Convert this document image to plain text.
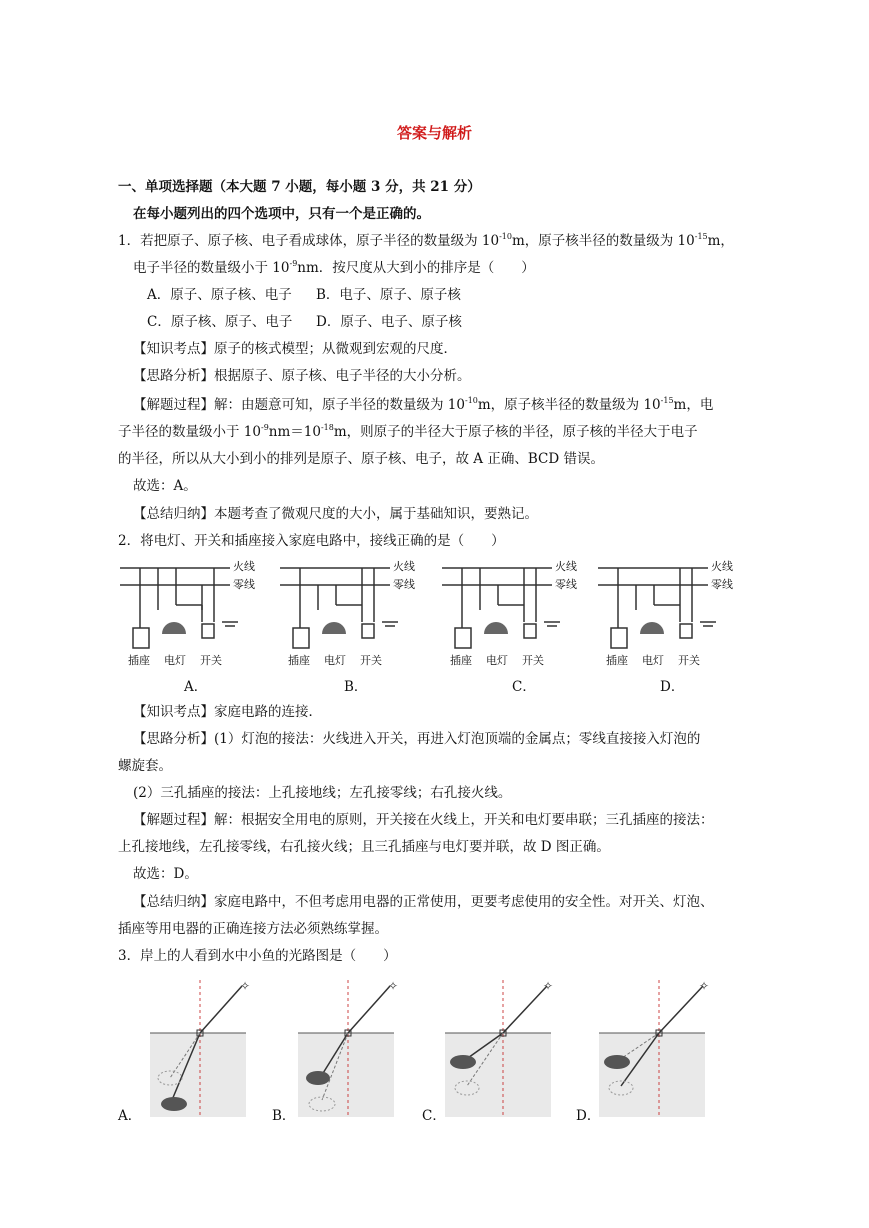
答案与解析
一、单项选择题（本大题 7 小题，每小题 3 分，共 21 分）
在每小题列出的四个选项中，只有一个是正确的。
1．若把原子、原子核、电子看成球体，原子半径的数量级为 $10^{-10}m$，原子核半径的数量级为 $10^{-15}m$，
电子半径的数量级小于 $10^{-9}nm$．按尺度从大到小的排序是（　　）
A．原子、原子核、电子 B．电子、原子、原子核
C．原子核、原子、电子 D．原子、电子、原子核
【知识考点】原子的核式模型；从微观到宏观的尺度．
【思路分析】根据原子、原子核、电子半径的大小分析。
【解题过程】解：由题意可知，原子半径的数量级为 $10^{-10}m$，原子核半径的数量级为 $10^{-15}m$，电
子半径的数量级小于 $10^{-9}nm=10^{-18}m$，则原子的半径大于原子核的半径，原子核的半径大于电子
的半径，所以从大小到小的排列是原子、原子核、电子，故 A 正确、BCD 错误。
故选：A。
【总结归纳】本题考查了微观尺度的大小，属于基础知识，要熟记。
2．将电灯、开关和插座接入家庭电路中，接线正确的是（　　）
火线
零线
插座 电灯 开关
火线
零线
插座 电灯 开关
火线
零线
插座 电灯 开关
火线
零线
插座 电灯 开关
A．	B．	C．	D．
【知识考点】家庭电路的连接．
【思路分析】(1）灯泡的接法：火线进入开关，再进入灯泡顶端的金属点；零线直接接入灯泡的
螺旋套。
(2）三孔插座的接法：上孔接地线；左孔接零线；右孔接火线。
【解题过程】解：根据安全用电的原则，开关接在火线上，开关和电灯要串联；三孔插座的接法：
上孔接地线，左孔接零线，右孔接火线；且三孔插座与电灯要并联，故 D 图正确。
故选：D。
【总结归纳】家庭电路中，不但考虑用电器的正常使用，更要考虑使用的安全性。对开关、灯泡、
插座等用电器的正确连接方法必须熟练掌握。
3．岸上的人看到水中小鱼的光路图是（　　）
✧	✧	✧	✧
A．	B．	C．	D．
